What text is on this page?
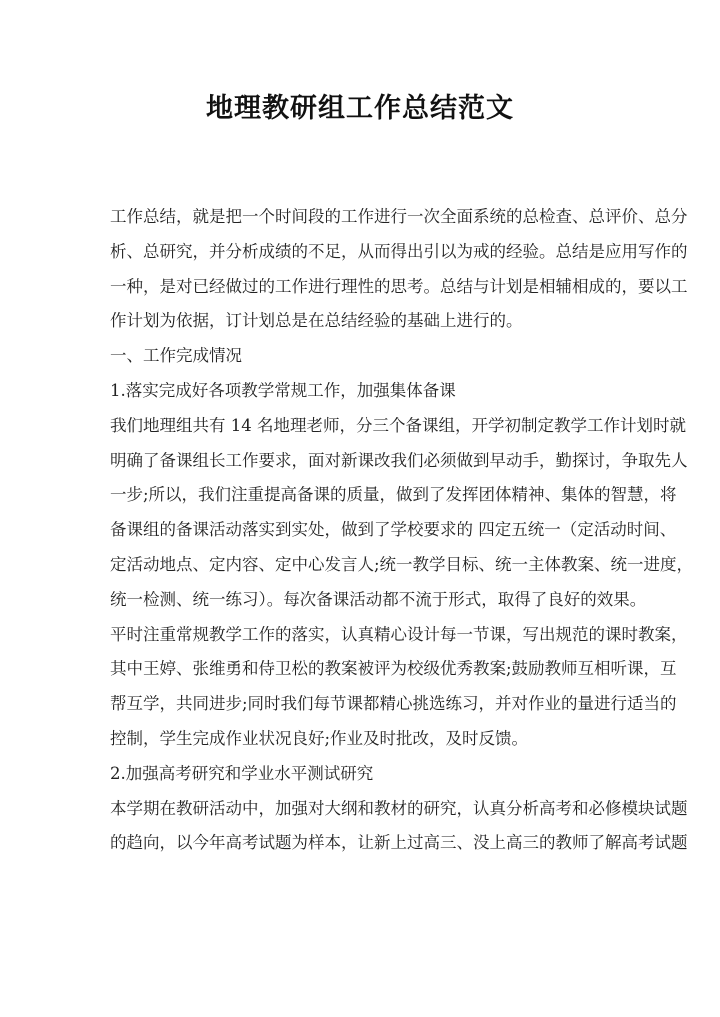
地理教研组工作总结范文
工作总结，就是把一个时间段的工作进行一次全面系统的总检查、总评价、总分
析、总研究，并分析成绩的不足，从而得出引以为戒的经验。总结是应用写作的
一种，是对已经做过的工作进行理性的思考。总结与计划是相辅相成的，要以工
作计划为依据，订计划总是在总结经验的基础上进行的。
一、工作完成情况
1.落实完成好各项教学常规工作，加强集体备课
我们地理组共有 14 名地理老师，分三个备课组，开学初制定教学工作计划时就
明确了备课组长工作要求，面对新课改我们必须做到早动手，勤探讨，争取先人
一步;所以，我们注重提高备课的质量，做到了发挥团体精神、集体的智慧，将
备课组的备课活动落实到实处，做到了学校要求的 四定五统一（定活动时间、
定活动地点、定内容、定中心发言人;统一教学目标、统一主体教案、统一进度，
统一检测、统一练习）。每次备课活动都不流于形式，取得了良好的效果。
平时注重常规教学工作的落实，认真精心设计每一节课，写出规范的课时教案，
其中王婷、张维勇和侍卫松的教案被评为校级优秀教案;鼓励教师互相听课，互
帮互学，共同进步;同时我们每节课都精心挑选练习，并对作业的量进行适当的
控制，学生完成作业状况良好;作业及时批改，及时反馈。
2.加强高考研究和学业水平测试研究
本学期在教研活动中，加强对大纲和教材的研究，认真分析高考和必修模块试题
的趋向，以今年高考试题为样本，让新上过高三、没上高三的教师了解高考试题
